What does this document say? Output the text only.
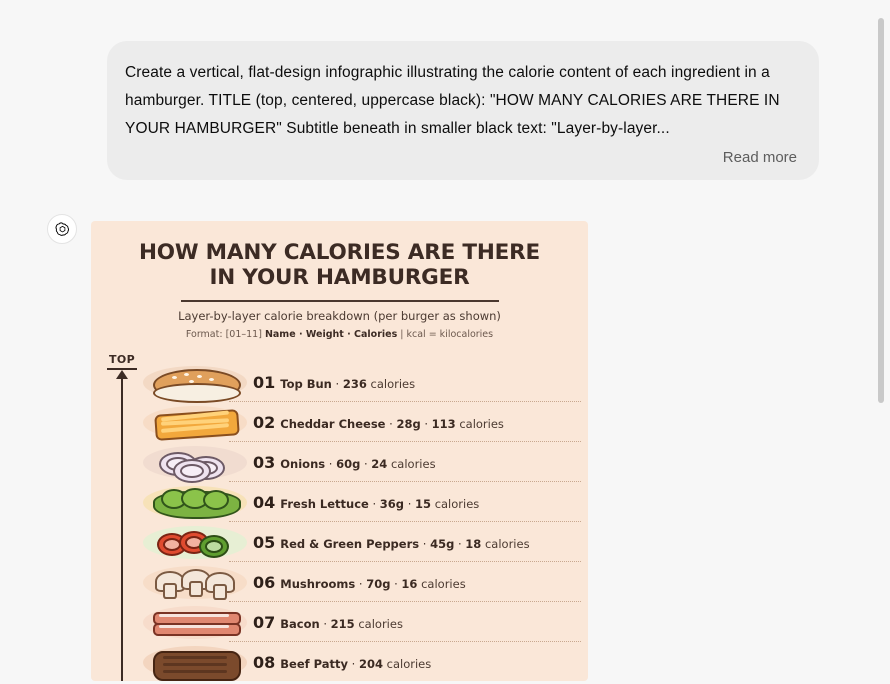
Create a vertical, flat-design infographic illustrating the calorie content of each ingredient in a hamburger. TITLE (top, centered, uppercase black): "HOW MANY CALORIES ARE THERE IN YOUR HAMBURGER" Subtitle beneath in smaller black text: "Layer-by-layer...
Read more
HOW MANY CALORIES ARE THERE
IN YOUR HAMBURGER
Layer-by-layer calorie breakdown (per burger as shown)
Format: [01–11] Name · Weight · Calories | kcal = kilocalories
TOP
01 Top Bun · 236 calories
02 Cheddar Cheese · 28g · 113 calories
03 Onions · 60g · 24 calories
04 Fresh Lettuce · 36g · 15 calories
05 Red & Green Peppers · 45g · 18 calories
06 Mushrooms · 70g · 16 calories
07 Bacon · 215 calories
08 Beef Patty · 204 calories
